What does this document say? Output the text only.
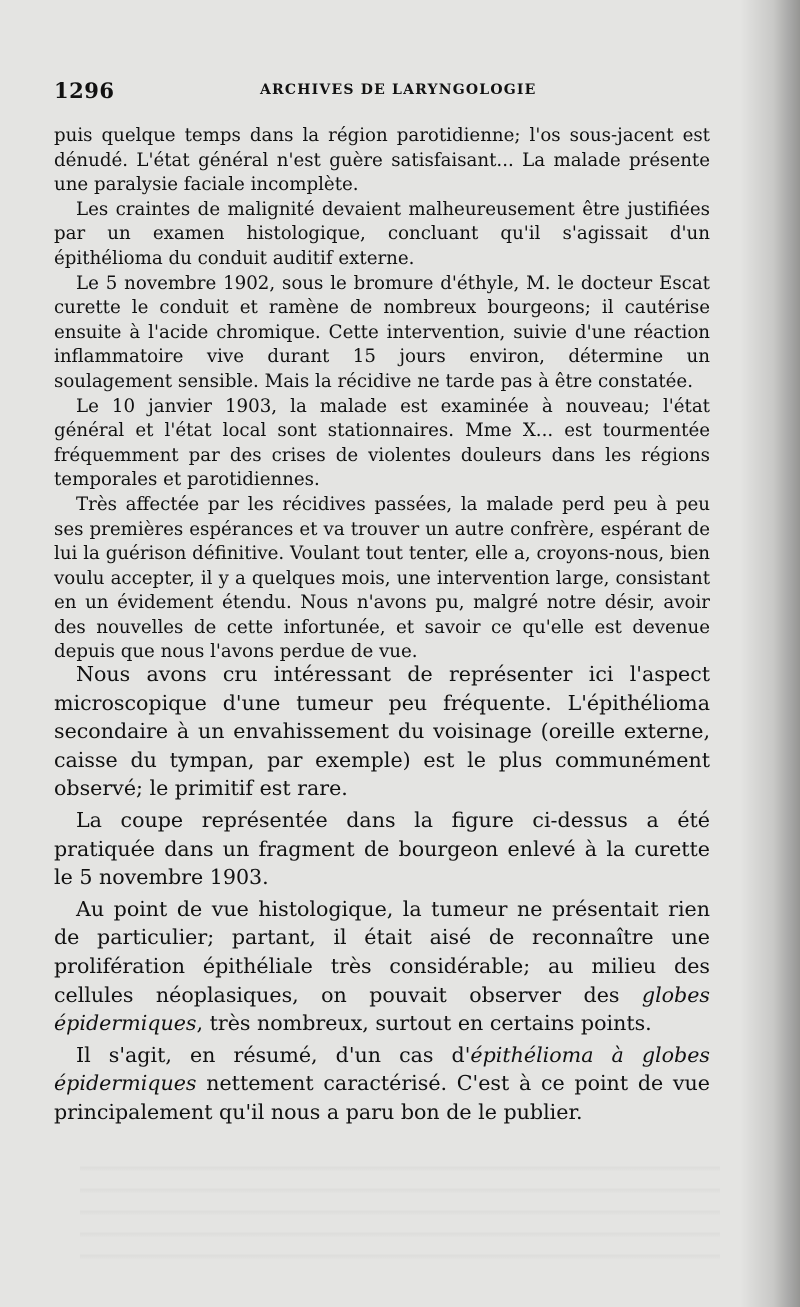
1296	ARCHIVES DE LARYNGOLOGIE

puis quelque temps dans la région parotidienne; l'os sous-jacent est dénudé. L'état général n'est guère satisfaisant... La malade présente une paralysie faciale incomplète.

Les craintes de malignité devaient malheureusement être justifiées par un examen histologique, concluant qu'il s'agissait d'un épithélioma du conduit auditif externe.

Le 5 novembre 1902, sous le bromure d'éthyle, M. le docteur Escat curette le conduit et ramène de nombreux bourgeons; il cautérise ensuite à l'acide chromique. Cette intervention, suivie d'une réaction inflammatoire vive durant 15 jours environ, détermine un soulagement sensible. Mais la récidive ne tarde pas à être constatée.

Le 10 janvier 1903, la malade est examinée à nouveau; l'état général et l'état local sont stationnaires. Mme X... est tourmentée fréquemment par des crises de violentes douleurs dans les régions temporales et parotidiennes.

Très affectée par les récidives passées, la malade perd peu à peu ses premières espérances et va trouver un autre confrère, espérant de lui la guérison définitive. Voulant tout tenter, elle a, croyons-nous, bien voulu accepter, il y a quelques mois, une intervention large, consistant en un évidement étendu. Nous n'avons pu, malgré notre désir, avoir des nouvelles de cette infortunée, et savoir ce qu'elle est devenue depuis que nous l'avons perdue de vue.

Nous avons cru intéressant de représenter ici l'aspect microscopique d'une tumeur peu fréquente. L'épithélioma secondaire à un envahissement du voisinage (oreille externe, caisse du tympan, par exemple) est le plus communément observé; le primitif est rare.

La coupe représentée dans la figure ci-dessus a été pratiquée dans un fragment de bourgeon enlevé à la curette le 5 novembre 1903.

Au point de vue histologique, la tumeur ne présentait rien de particulier; partant, il était aisé de reconnaître une prolifération épithéliale très considérable; au milieu des cellules néoplasiques, on pouvait observer des globes épidermiques, très nombreux, surtout en certains points.

Il s'agit, en résumé, d'un cas d'épithélioma à globes épidermiques nettement caractérisé. C'est à ce point de vue principalement qu'il nous a paru bon de le publier.
